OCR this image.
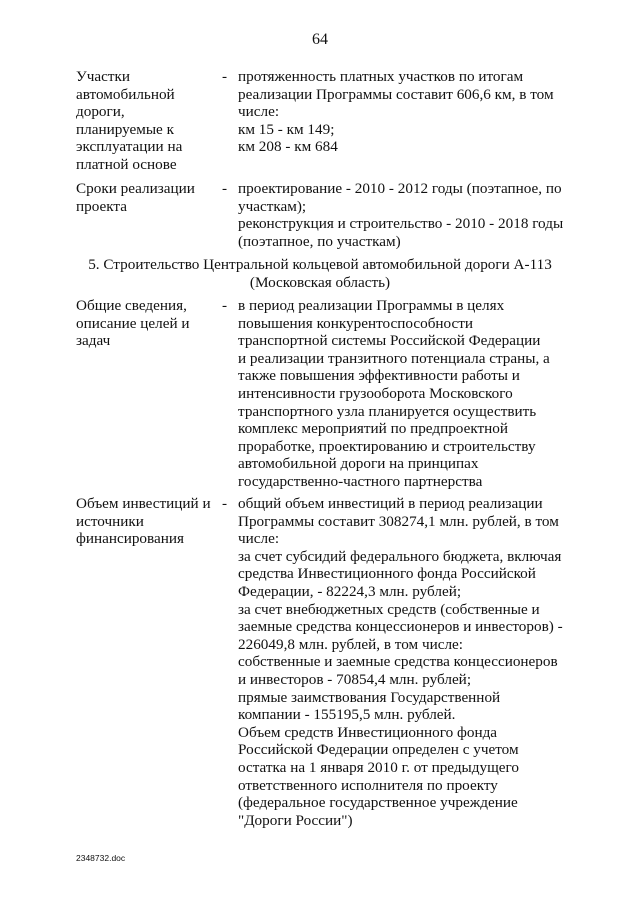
64
Участки
автомобильной
дороги,
планируемые к
эксплуатации на
платной основе
- протяженность платных участков по итогам
реализации Программы составит 606,6 км, в том
числе:
км 15 - км 149;
км 208 - км 684
Сроки реализации
проекта
- проектирование - 2010 - 2012 годы (поэтапное, по
участкам);
реконструкция и строительство - 2010 - 2018 годы
(поэтапное, по участкам)
5. Строительство Центральной кольцевой автомобильной дороги А-113
(Московская область)
Общие сведения,
описание целей и
задач
- в период реализации Программы в целях
повышения конкурентоспособности
транспортной системы Российской Федерации
и реализации транзитного потенциала страны, а
также повышения эффективности работы и
интенсивности грузооборота Московского
транспортного узла планируется осуществить
комплекс мероприятий по предпроектной
проработке, проектированию и строительству
автомобильной дороги на принципах
государственно-частного партнерства
Объем инвестиций и
источники
финансирования
- общий объем инвестиций в период реализации
Программы составит 308274,1 млн. рублей, в том
числе:
за счет субсидий федерального бюджета, включая
средства Инвестиционного фонда Российской
Федерации, - 82224,3 млн. рублей;
за счет внебюджетных средств (собственные и
заемные средства концессионеров и инвесторов) -
226049,8 млн. рублей, в том числе:
собственные и заемные средства концессионеров
и инвесторов - 70854,4 млн. рублей;
прямые заимствования Государственной
компании - 155195,5 млн. рублей.
Объем средств Инвестиционного фонда
Российской Федерации определен с учетом
остатка на 1 января 2010 г. от предыдущего
ответственного исполнителя по проекту
(федеральное государственное учреждение
"Дороги России")
2348732.doc
